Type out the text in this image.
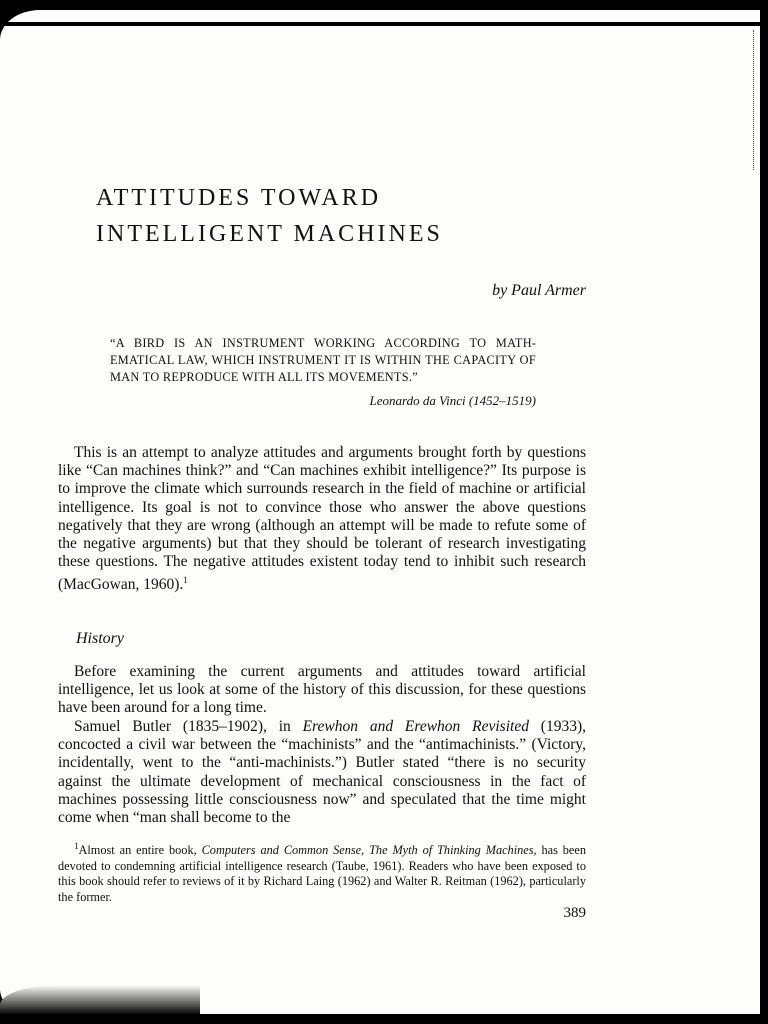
ATTITUDES TOWARD
INTELLIGENT MACHINES
by Paul Armer
“A BIRD IS AN INSTRUMENT WORKING ACCORDING TO MATHEMATICAL LAW, WHICH INSTRUMENT IT IS WITHIN THE CAPACITY OF MAN TO REPRODUCE WITH ALL ITS MOVEMENTS.”
Leonardo da Vinci (1452–1519)
This is an attempt to analyze attitudes and arguments brought forth by questions like “Can machines think?” and “Can machines exhibit intelligence?” Its purpose is to improve the climate which surrounds research in the field of machine or artificial intelligence. Its goal is not to convince those who answer the above questions negatively that they are wrong (although an attempt will be made to refute some of the negative arguments) but that they should be tolerant of research investigating these questions. The negative attitudes existent today tend to inhibit such research (MacGowan, 1960).$^1$
History
Before examining the current arguments and attitudes toward artificial intelligence, let us look at some of the history of this discussion, for these questions have been around for a long time.
Samuel Butler (1835–1902), in Erewhon and Erewhon Revisited (1933), concocted a civil war between the “machinists” and the “antimachinists.” (Victory, incidentally, went to the “anti-machinists.”) Butler stated “there is no security against the ultimate development of mechanical consciousness in the fact of machines possessing little consciousness now” and speculated that the time might come when “man shall become to the
$^1$Almost an entire book, Computers and Common Sense, The Myth of Thinking Machines, has been devoted to condemning artificial intelligence research (Taube, 1961). Readers who have been exposed to this book should refer to reviews of it by Richard Laing (1962) and Walter R. Reitman (1962), particularly the former.
389
